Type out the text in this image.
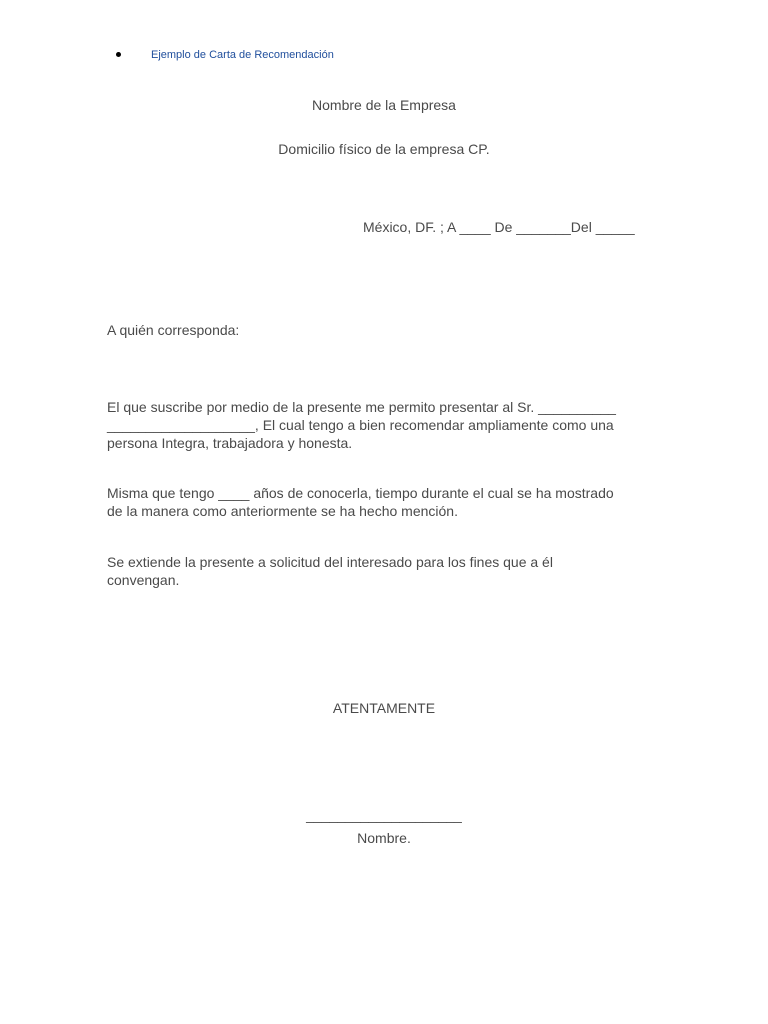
Ejemplo de Carta de Recomendación
Nombre de la Empresa
Domicilio físico de la empresa CP.
México, DF. ; A ____ De _______Del _____
A quién corresponda:
El que suscribe por medio de la presente me permito presentar al Sr. __________
___________________, El cual tengo a bien recomendar ampliamente como una
persona Integra, trabajadora y honesta.
Misma que tengo ____ años de conocerla, tiempo durante el cual se ha mostrado
de la manera como anteriormente se ha hecho mención.
Se extiende la presente a solicitud del interesado para los fines que a él
convengan.
ATENTAMENTE
____________________
Nombre.
